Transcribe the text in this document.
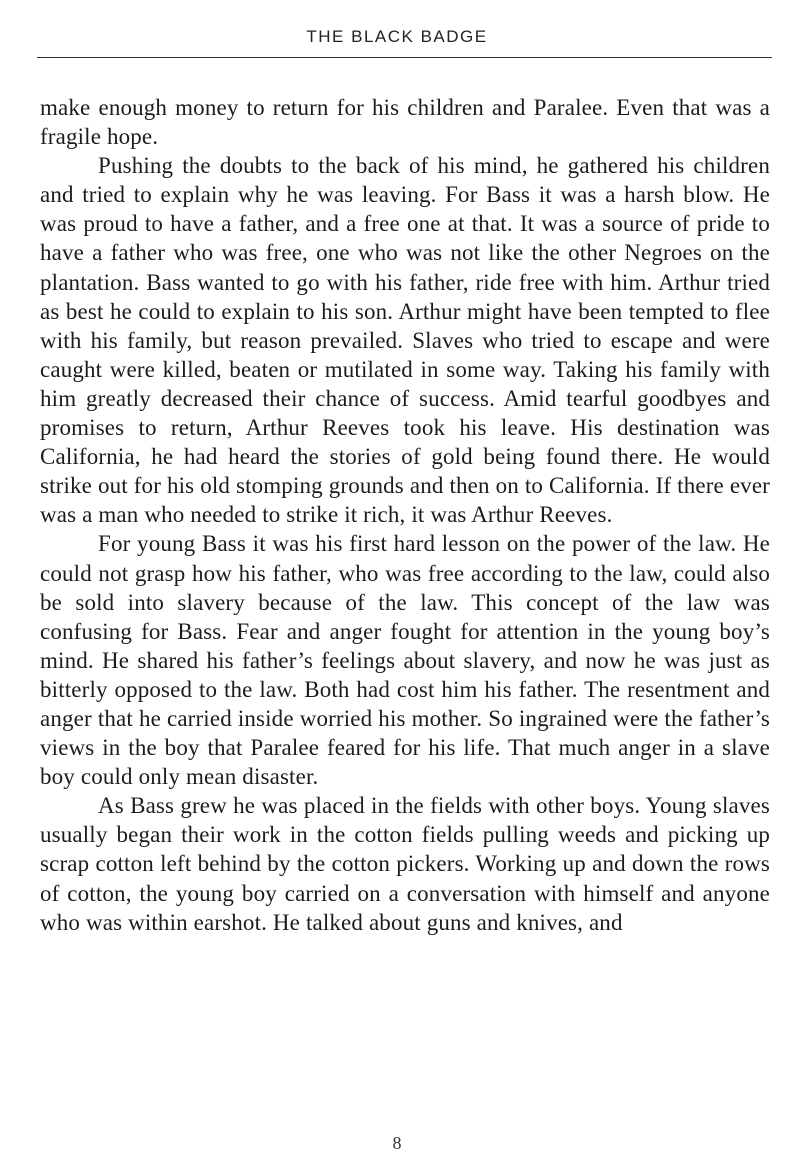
THE BLACK BADGE

make enough money to return for his children and Paralee. Even that was a fragile hope.

Pushing the doubts to the back of his mind, he gathered his children and tried to explain why he was leaving. For Bass it was a harsh blow. He was proud to have a father, and a free one at that. It was a source of pride to have a father who was free, one who was not like the other Negroes on the plantation. Bass wanted to go with his father, ride free with him. Arthur tried as best he could to explain to his son. Arthur might have been tempted to flee with his family, but reason prevailed. Slaves who tried to escape and were caught were killed, beaten or mutilated in some way. Taking his family with him greatly decreased their chance of success. Amid tearful goodbyes and promises to return, Arthur Reeves took his leave. His destination was California, he had heard the stories of gold being found there. He would strike out for his old stomping grounds and then on to California. If there ever was a man who needed to strike it rich, it was Arthur Reeves.

For young Bass it was his first hard lesson on the power of the law. He could not grasp how his father, who was free according to the law, could also be sold into slavery because of the law. This concept of the law was confusing for Bass. Fear and anger fought for attention in the young boy’s mind. He shared his father’s feelings about slavery, and now he was just as bitterly opposed to the law. Both had cost him his father. The resentment and anger that he carried inside worried his mother. So ingrained were the father’s views in the boy that Paralee feared for his life. That much anger in a slave boy could only mean disaster.

As Bass grew he was placed in the fields with other boys. Young slaves usually began their work in the cotton fields pulling weeds and picking up scrap cotton left behind by the cotton pickers. Working up and down the rows of cotton, the young boy carried on a conversation with himself and anyone who was within earshot. He talked about guns and knives, and

8
